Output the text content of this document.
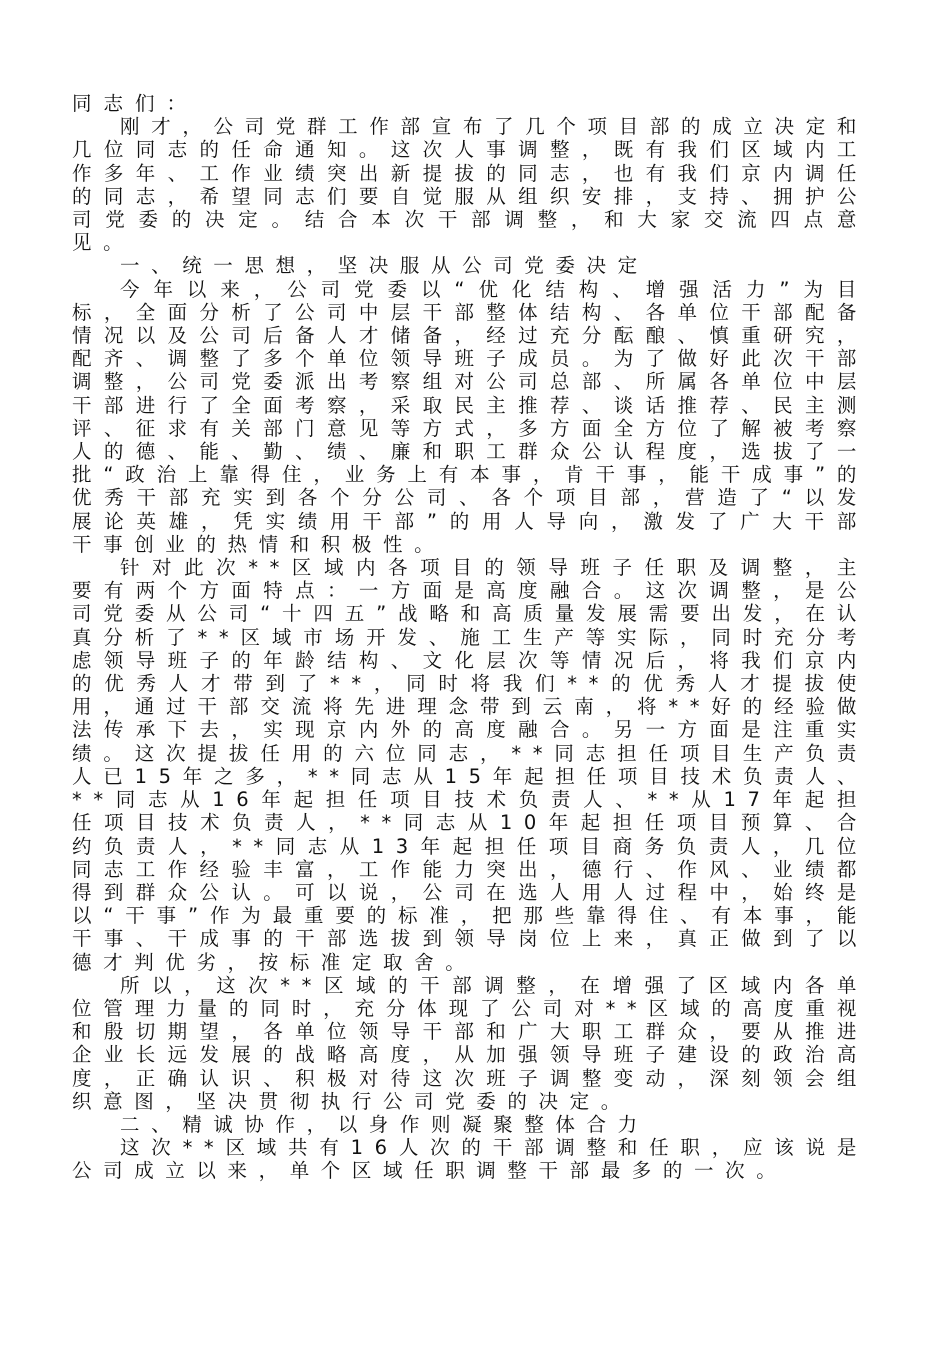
同志们：

刚才，公司党群工作部宣布了几个项目部的成立决定和几位同志的任命通知。这次人事调整，既有我们区域内工作多年、工作业绩突出新提拔的同志，也有我们京内调任的同志，希望同志们要自觉服从组织安排，支持、拥护公司党委的决定。结合本次干部调整，和大家交流四点意见。

一、统一思想，坚决服从公司党委决定

今年以来，公司党委以“优化结构、增强活力”为目标，全面分析了公司中层干部整体结构、各单位干部配备情况以及公司后备人才储备，经过充分酝酿、慎重研究，配齐、调整了多个单位领导班子成员。为了做好此次干部调整，公司党委派出考察组对公司总部、所属各单位中层干部进行了全面考察，采取民主推荐、谈话推荐、民主测评、征求有关部门意见等方式，多方面全方位了解被考察人的德、能、勤、绩、廉和职工群众公认程度，选拔了一批“政治上靠得住，业务上有本事，肯干事，能干成事”的优秀干部充实到各个分公司、各个项目部，营造了“以发展论英雄，凭实绩用干部”的用人导向，激发了广大干部干事创业的热情和积极性。

针对此次**区域内各项目的领导班子任职及调整，主要有两个方面特点：一方面是高度融合。这次调整，是公司党委从公司“十四五”战略和高质量发展需要出发，在认真分析了**区域市场开发、施工生产等实际，同时充分考虑领导班子的年龄结构、文化层次等情况后，将我们京内的优秀人才带到了**，同时将我们**的优秀人才提拔使用，通过干部交流将先进理念带到云南，将**好的经验做法传承下去，实现京内外的高度融合。另一方面是注重实绩。这次提拔任用的六位同志，**同志担任项目生产负责人已15年之多，**同志从15年起担任项目技术负责人、**同志从16年起担任项目技术负责人、**从17年起担任项目技术负责人，**同志从10年起担任项目预算、合约负责人，**同志从13年起担任项目商务负责人，几位同志工作经验丰富，工作能力突出，德行、作风、业绩都得到群众公认。可以说，公司在选人用人过程中，始终是以“干事”作为最重要的标准，把那些靠得住、有本事，能干事、干成事的干部选拔到领导岗位上来，真正做到了以德才判优劣，按标准定取舍。

所以，这次**区域的干部调整，在增强了区域内各单位管理力量的同时，充分体现了公司对**区域的高度重视和殷切期望，各单位领导干部和广大职工群众，要从推进企业长远发展的战略高度，从加强领导班子建设的政治高度，正确认识、积极对待这次班子调整变动，深刻领会组织意图，坚决贯彻执行公司党委的决定。

二、精诚协作，以身作则凝聚整体合力

这次**区域共有16人次的干部调整和任职，应该说是公司成立以来，单个区域任职调整干部最多的一次。
